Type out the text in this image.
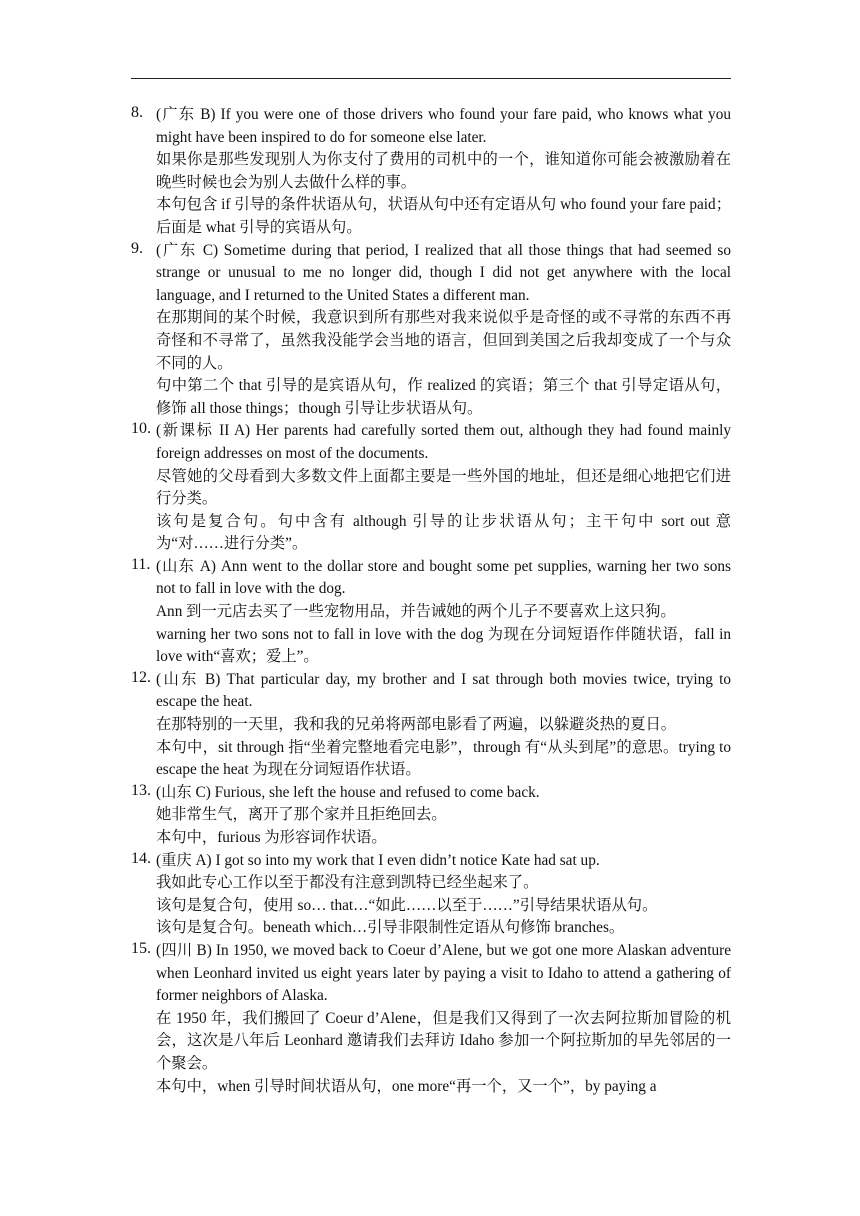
8. (广东 B) If you were one of those drivers who found your fare paid, who knows what you might have been inspired to do for someone else later.

如果你是那些发现别人为你支付了费用的司机中的一个，谁知道你可能会被激励着在晚些时候也会为别人去做什么样的事。

本句包含 if 引导的条件状语从句，状语从句中还有定语从句 who found your fare paid；后面是 what 引导的宾语从句。

9. (广东 C) Sometime during that period, I realized that all those things that had seemed so strange or unusual to me no longer did, though I did not get anywhere with the local language, and I returned to the United States a different man.

在那期间的某个时候，我意识到所有那些对我来说似乎是奇怪的或不寻常的东西不再奇怪和不寻常了，虽然我没能学会当地的语言，但回到美国之后我却变成了一个与众不同的人。

句中第二个 that 引导的是宾语从句，作 realized 的宾语；第三个 that 引导定语从句，修饰 all those things；though 引导让步状语从句。

10. (新课标 II A) Her parents had carefully sorted them out, although they had found mainly foreign addresses on most of the documents.

尽管她的父母看到大多数文件上面都主要是一些外国的地址，但还是细心地把它们进行分类。

该句是复合句。句中含有 although 引导的让步状语从句；主干句中 sort out 意为“对……进行分类”。

11. (山东 A) Ann went to the dollar store and bought some pet supplies, warning her two sons not to fall in love with the dog.

Ann 到一元店去买了一些宠物用品，并告诫她的两个儿子不要喜欢上这只狗。

warning her two sons not to fall in love with the dog 为现在分词短语作伴随状语，fall in love with“喜欢；爱上”。

12. (山东 B) That particular day, my brother and I sat through both movies twice, trying to escape the heat.

在那特别的一天里，我和我的兄弟将两部电影看了两遍，以躲避炎热的夏日。

本句中，sit through 指“坐着完整地看完电影”，through 有“从头到尾”的意思。trying to escape the heat 为现在分词短语作状语。

13. (山东 C) Furious, she left the house and refused to come back.

她非常生气，离开了那个家并且拒绝回去。

本句中，furious 为形容词作状语。

14. (重庆 A) I got so into my work that I even didn’t notice Kate had sat up.

我如此专心工作以至于都没有注意到凯特已经坐起来了。

该句是复合句，使用 so… that…“如此……以至于……”引导结果状语从句。

该句是复合句。beneath which…引导非限制性定语从句修饰 branches。

15. (四川 B) In 1950, we moved back to Coeur d’Alene, but we got one more Alaskan adventure when Leonhard invited us eight years later by paying a visit to Idaho to attend a gathering of former neighbors of Alaska.

在 1950 年，我们搬回了 Coeur d’Alene，但是我们又得到了一次去阿拉斯加冒险的机会，这次是八年后 Leonhard 邀请我们去拜访 Idaho 参加一个阿拉斯加的早先邻居的一个聚会。

本句中，when 引导时间状语从句，one more“再一个，又一个”，by paying a
